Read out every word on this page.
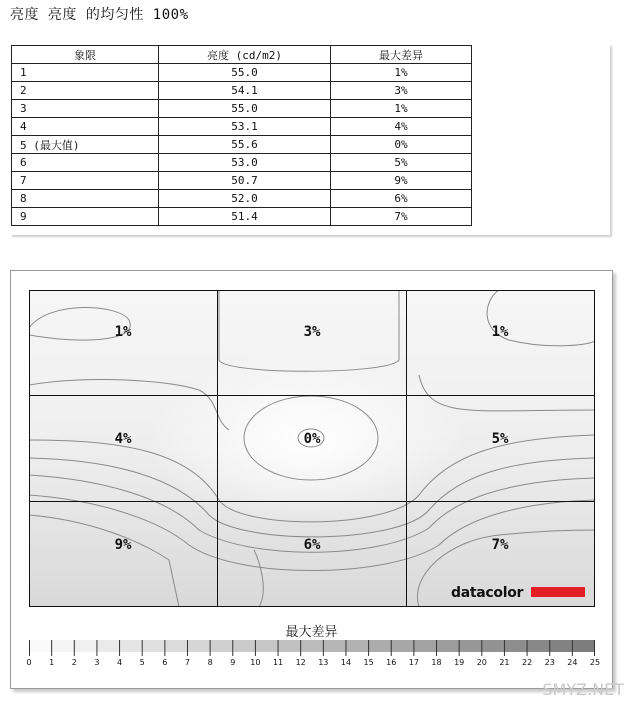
亮度 亮度 的均匀性 100%
象限	亮度 (cd/m2)	最大差异
1	55.0	1%
2	54.1	3%
3	55.0	1%
4	53.1	4%
5 (最大值)	55.6	0%
6	53.0	5%
7	50.7	9%
8	52.0	6%
9	51.4	7%
1%	3%	1%
4%	0%	5%
9%	6%	7%
datacolor
最大差异
0 1 2 3 4 5 6 7 8 9 10 11 12 13 14 15 16 17 18 19 20 21 22 23 24 25
SMYZ.NET
